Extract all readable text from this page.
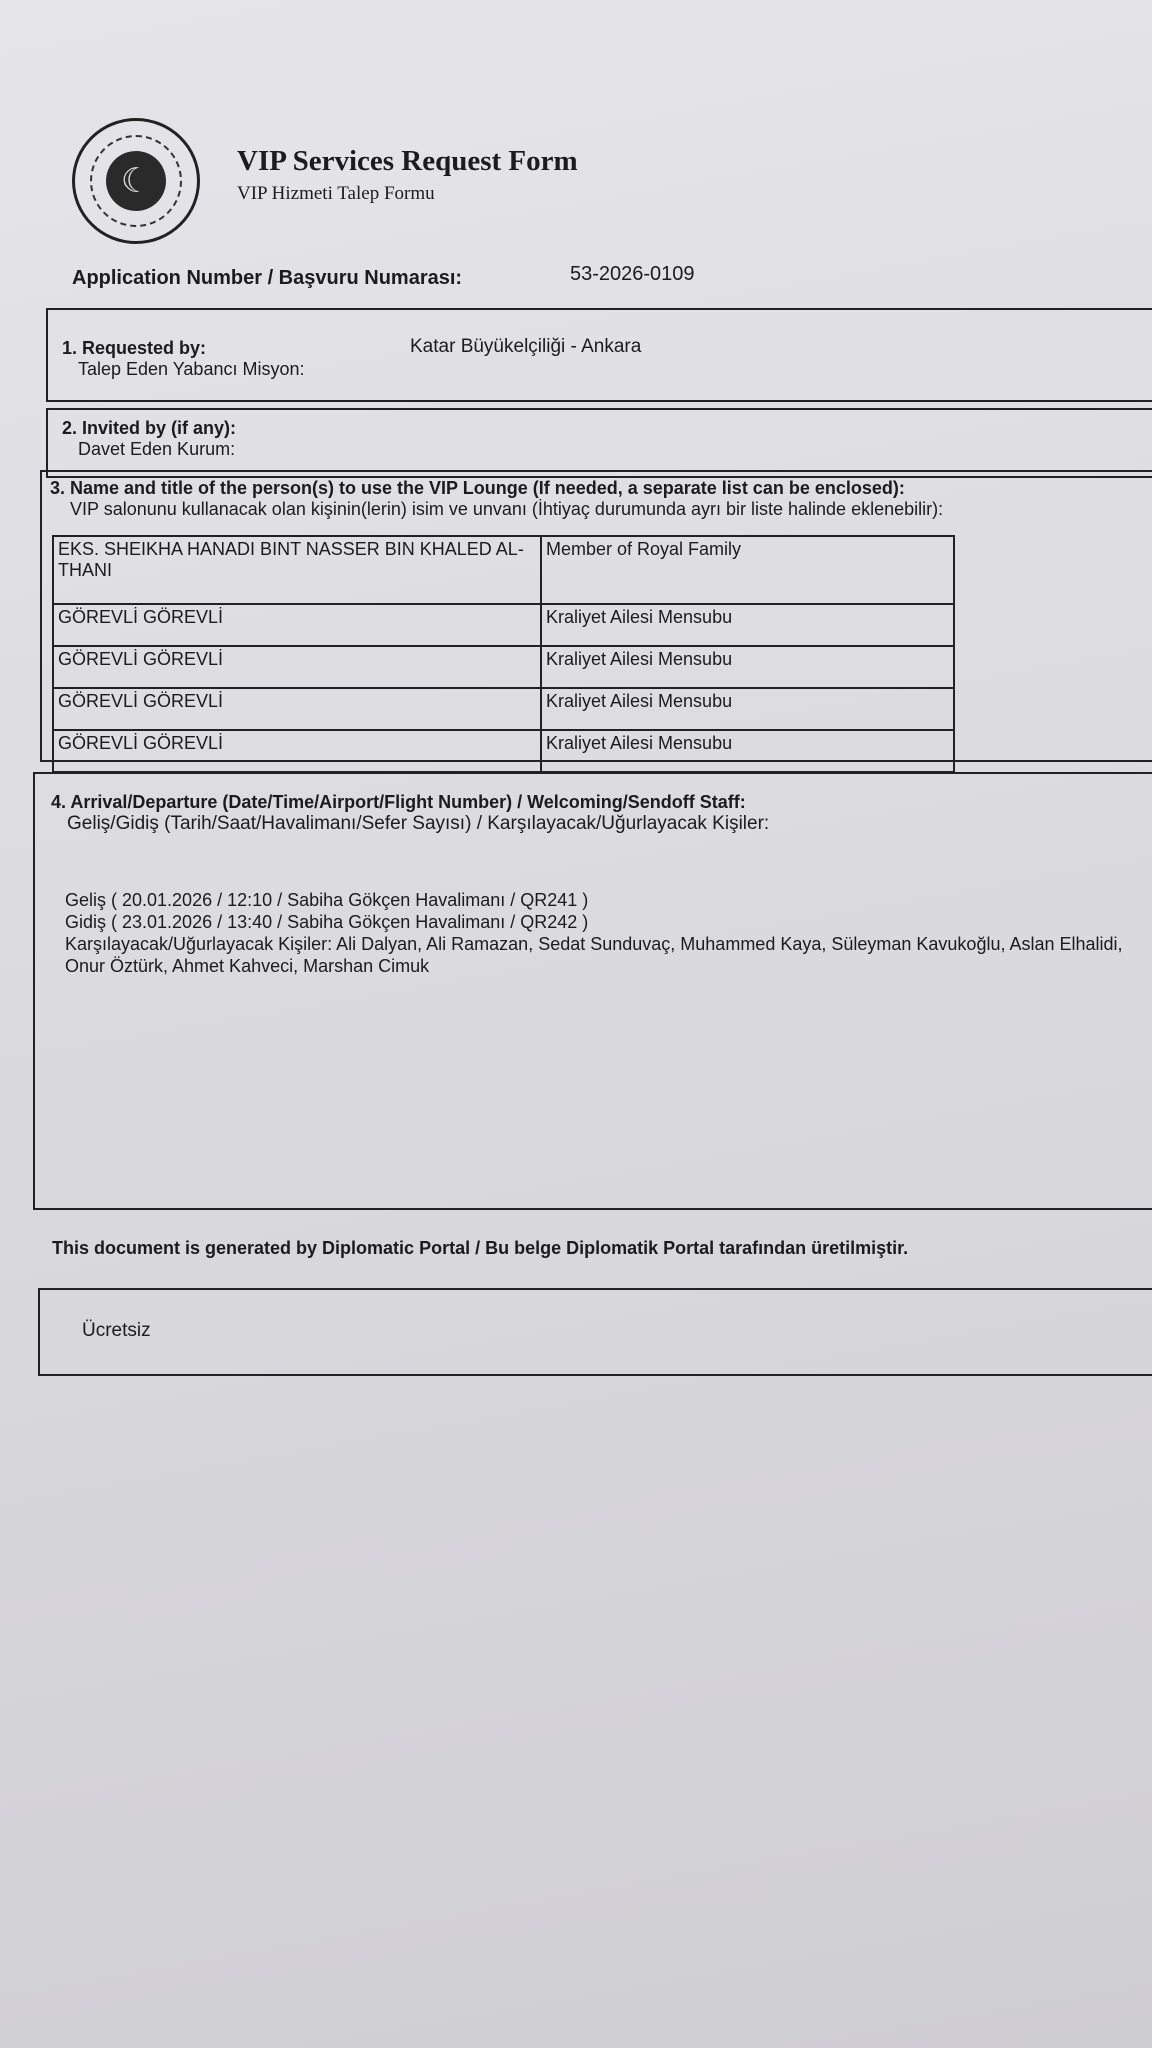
☾	VIP Services Request Form
VIP Hizmeti Talep Formu
Application Number / Başvuru Numarası:	53-2026-0109
1. Requested by:
Talep Eden Yabancı Misyon:
Katar Büyükelçiliği - Ankara
2. Invited by (if any):
Davet Eden Kurum:
3. Name and title of the person(s) to use the VIP Lounge (If needed, a separate list can be enclosed):
VIP salonunu kullanacak olan kişinin(lerin) isim ve unvanı (İhtiyaç durumunda ayrı bir liste halinde eklenebilir):
EKS. SHEIKHA HANADI BINT NASSER BIN KHALED AL-THANI	Member of Royal Family
GÖREVLİ GÖREVLİ	Kraliyet Ailesi Mensubu
GÖREVLİ GÖREVLİ	Kraliyet Ailesi Mensubu
GÖREVLİ GÖREVLİ	Kraliyet Ailesi Mensubu
GÖREVLİ GÖREVLİ	Kraliyet Ailesi Mensubu
4. Arrival/Departure (Date/Time/Airport/Flight Number) / Welcoming/Sendoff Staff:
Geliş/Gidiş (Tarih/Saat/Havalimanı/Sefer Sayısı) / Karşılayacak/Uğurlayacak Kişiler:
Geliş ( 20.01.2026 / 12:10 / Sabiha Gökçen Havalimanı / QR241 )
Gidiş ( 23.01.2026 / 13:40 / Sabiha Gökçen Havalimanı / QR242 )
Karşılayacak/Uğurlayacak Kişiler: Ali Dalyan, Ali Ramazan, Sedat Sunduvaç, Muhammed Kaya, Süleyman Kavukoğlu, Aslan Elhalidi, Onur Öztürk, Ahmet Kahveci, Marshan Cimuk
This document is generated by Diplomatic Portal / Bu belge Diplomatik Portal tarafından üretilmiştir.
Ücretsiz
